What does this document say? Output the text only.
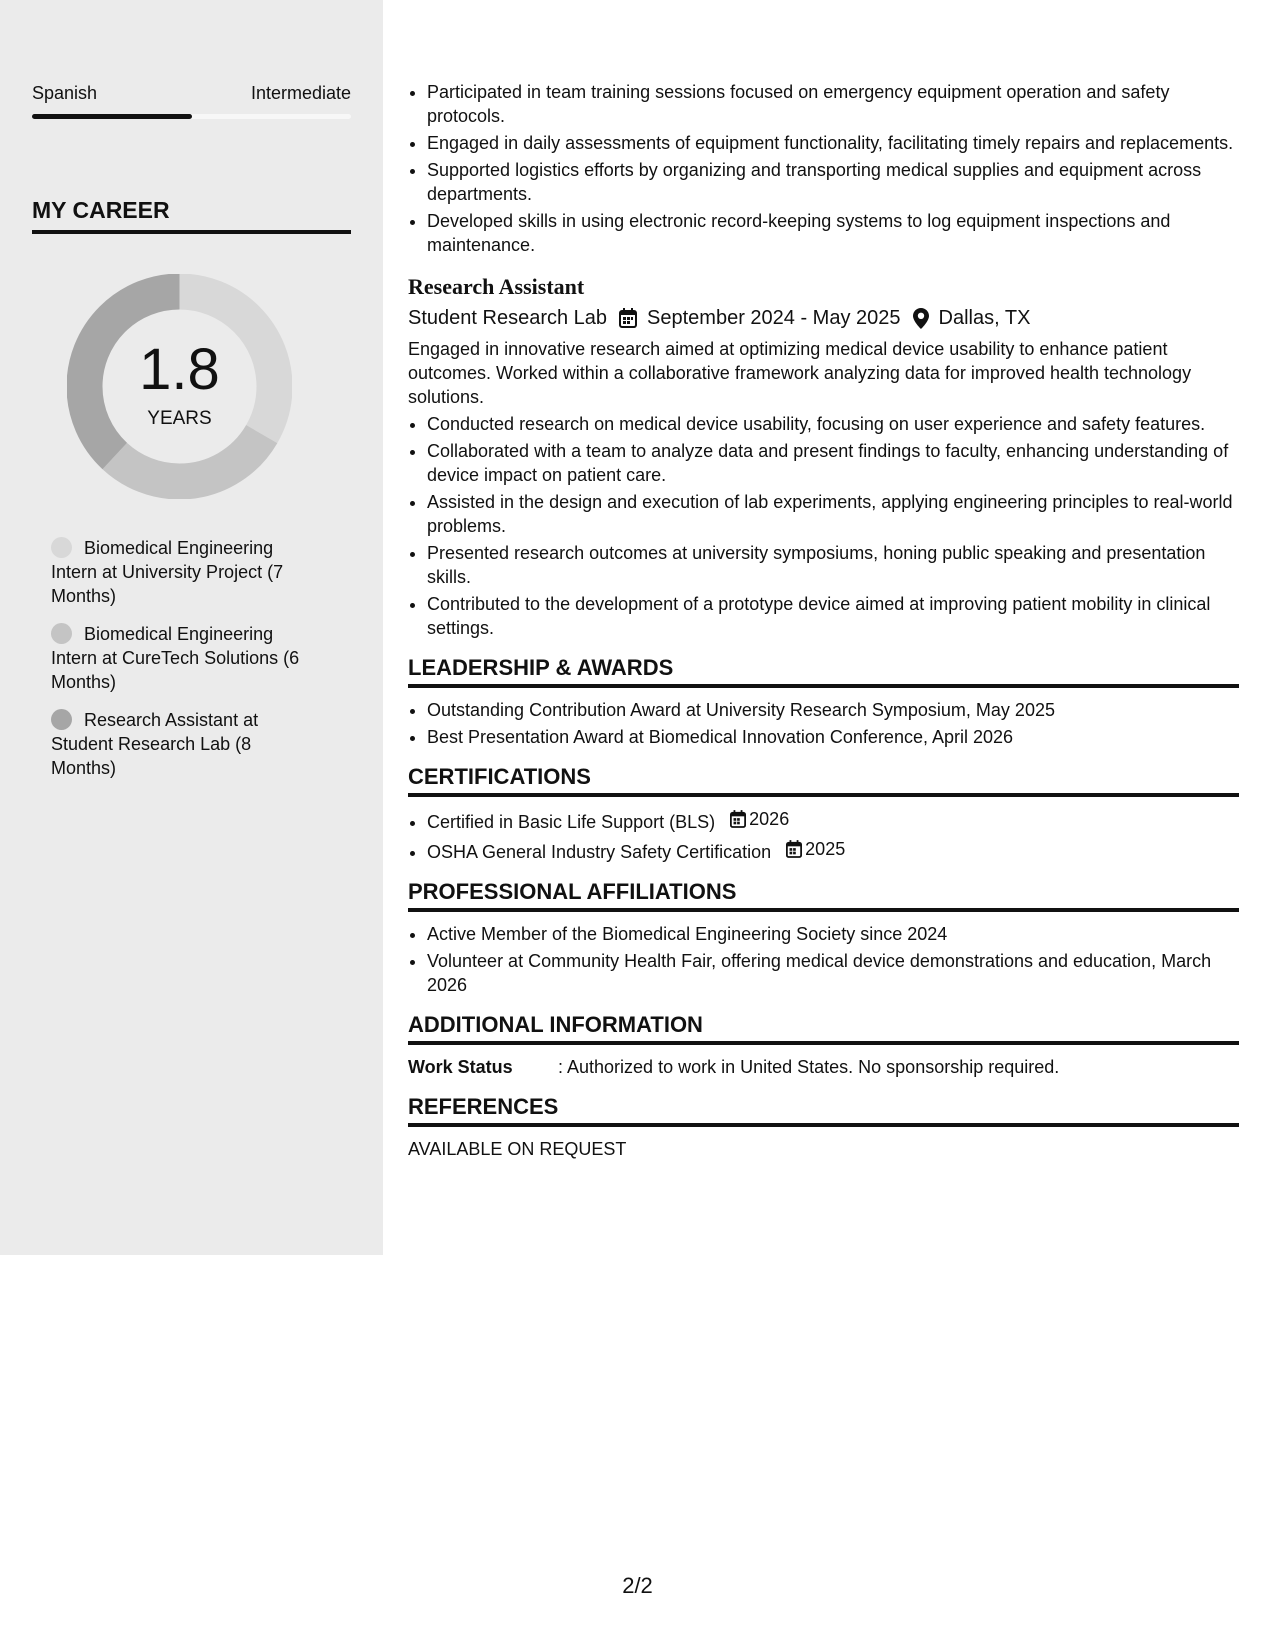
Spanish	Intermediate
MY CAREER
1.8
YEARS
Biomedical Engineering Intern at University Project (7 Months)
Biomedical Engineering Intern at CureTech Solutions (6 Months)
Research Assistant at Student Research Lab (8 Months)
• Participated in team training sessions focused on emergency equipment operation and safety protocols.
• Engaged in daily assessments of equipment functionality, facilitating timely repairs and replacements.
• Supported logistics efforts by organizing and transporting medical supplies and equipment across departments.
• Developed skills in using electronic record-keeping systems to log equipment inspections and maintenance.
Research Assistant
Student Research Lab September 2024 - May 2025 Dallas, TX

Engaged in innovative research aimed at optimizing medical device usability to enhance patient outcomes. Worked within a collaborative framework analyzing data for improved health technology solutions.

• Conducted research on medical device usability, focusing on user experience and safety features.
• Collaborated with a team to analyze data and present findings to faculty, enhancing understanding of device impact on patient care.
• Assisted in the design and execution of lab experiments, applying engineering principles to real-world problems.
• Presented research outcomes at university symposiums, honing public speaking and presentation skills.
• Contributed to the development of a prototype device aimed at improving patient mobility in clinical settings.
LEADERSHIP & AWARDS
• Outstanding Contribution Award at University Research Symposium, May 2025
• Best Presentation Award at Biomedical Innovation Conference, April 2026
CERTIFICATIONS
• Certified in Basic Life Support (BLS) 2026
• OSHA General Industry Safety Certification 2025
PROFESSIONAL AFFILIATIONS
• Active Member of the Biomedical Engineering Society since 2024
• Volunteer at Community Health Fair, offering medical device demonstrations and education, March 2026
ADDITIONAL INFORMATION
Work Status	: Authorized to work in United States. No sponsorship required.
REFERENCES
AVAILABLE ON REQUEST
2/2
